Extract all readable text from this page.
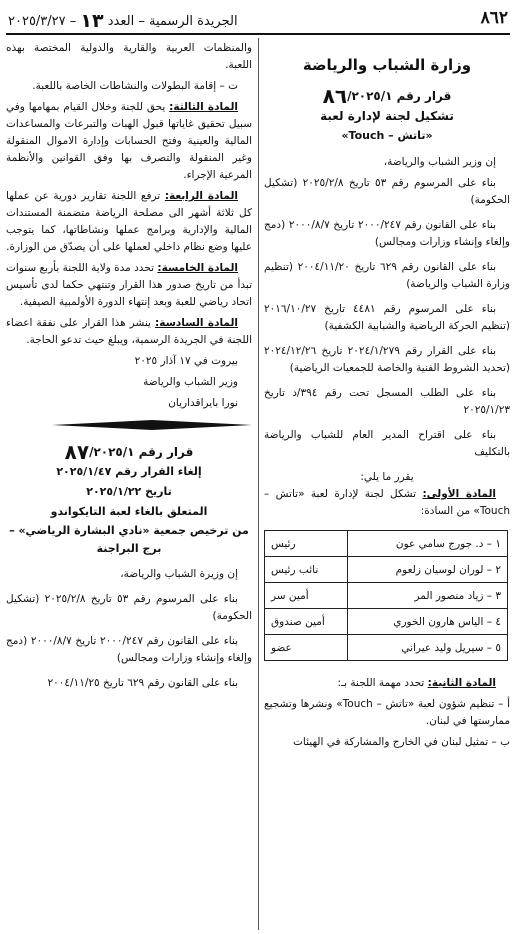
٨٦٢
الجريدة الرسمية – العدد ١٣ – ٢٠٢٥/٣/٢٧
وزارة الشباب والرياضة
قرار رقم ٨٦/٢٠٢٥/١
تشكيل لجنة لإدارة لعبة
«تاتش – Touch»

إن وزير الشباب والرياضة،

بناء على المرسوم رقم ٥٣ تاريخ ٢٠٢٥/٢/٨ (تشكيل الحكومة)

بناء على القانون رقم ٢٠٠٠/٢٤٧ تاريخ ٢٠٠٠/٨/٧ (دمج وإلغاء وإنشاء وزارات ومجالس)

بناء على القانون رقم ٦٢٩ تاريخ ٢٠٠٤/١١/٢٠ (تنظيم وزارة الشباب والرياضة)

بناء على المرسوم رقم ٤٤٨١ تاريخ ٢٠١٦/١٠/٢٧ (تنظيم الحركة الرياضية والشبابية الكشفية)

بناء على القرار رقم ٢٠٢٤/١/٢٧٩ تاريخ ٢٠٢٤/١٢/٢٦ (تحديد الشروط الفنية والخاصة للجمعيات الرياضية)

بناء على الطلب المسجل تحت رقم ٣٩٤/د تاريخ ٢٠٢٥/١/٢٣

بناء على اقتراح المدير العام للشباب والرياضة بالتكليف

يقرر ما يلي:

المادة الأولى: تشكل لجنة لإدارة لعبة «تاتش – Touch» من السادة:

١ – د. جورج سامي عون	رئيس
٢ – لوران لوسيان زلعوم	نائب رئيس
٣ – زياد منصور المر	أمين سر
٤ – الياس هارون الخوري	أمين صندوق
٥ – سيريل وليد عيراني	عضو

المادة الثانية: تحدد مهمة اللجنة بـ:

أ – تنظيم شؤون لعبة «تاتش – Touch» ونشرها وتشجيع ممارستها في لبنان.

ب – تمثيل لبنان في الخارج والمشاركة في الهيئات

والمنظمات العربية والقارية والدولية المختصة بهذه اللعبة.

ت – إقامة البطولات والنشاطات الخاصة باللعبة.

المادة الثالثة: يحق للجنة وخلال القيام بمهامها وفي سبيل تحقيق غاياتها قبول الهبات والتبرعات والمساعدات المالية والعينية وفتح الحسابات وإدارة الاموال المنقولة وغير المنقولة والتصرف بها وفق القوانين والأنظمة المرعية الإجراء.

المادة الرابعة: ترفع اللجنة تقارير دورية عن عملها كل ثلاثة أشهر الى مصلحة الرياضة متضمنة المستندات المالية والإدارية وبرامج عملها ونشاطاتها، كما يتوجب عليها وضع نظام داخلي لعملها على أن يصدّق من الوزارة.

المادة الخامسة: تحدد مدة ولاية اللجنة بأربع سنوات تبدأ من تاريخ صدور هذا القرار وتنتهي حكما لدى تأسيس اتحاد رياضي للعبة وبعد إنتهاء الدورة الأولمبية الصيفية.

المادة السادسة: ينشر هذا القرار على نفقة اعضاء اللجنة في الجريدة الرسمية، ويبلغ حيث تدعو الحاجة.

بيروت في ١٧ آذار ٢٠٢٥

وزير الشباب والرياضة

نورا بايراقداريان

قرار رقم ٨٧/٢٠٢٥/١
إلغاء القرار رقم ٢٠٢٥/١/٤٧
تاريخ ٢٠٢٥/١/٢٢
المتعلق بالغاء لعبة التايكواندو
من ترخيص جمعية «نادي البشارة الرياضي» – برج البراجنة

إن وزيرة الشباب والرياضة،

بناء على المرسوم رقم ٥٣ تاريخ ٢٠٢٥/٢/٨ (تشكيل الحكومة)

بناء على القانون رقم ٢٠٠٠/٢٤٧ تاريخ ٢٠٠٠/٨/٧ (دمج وإلغاء وإنشاء وزارات ومجالس)

بناء على القانون رقم ٦٢٩ تاريخ ٢٠٠٤/١١/٢٥
